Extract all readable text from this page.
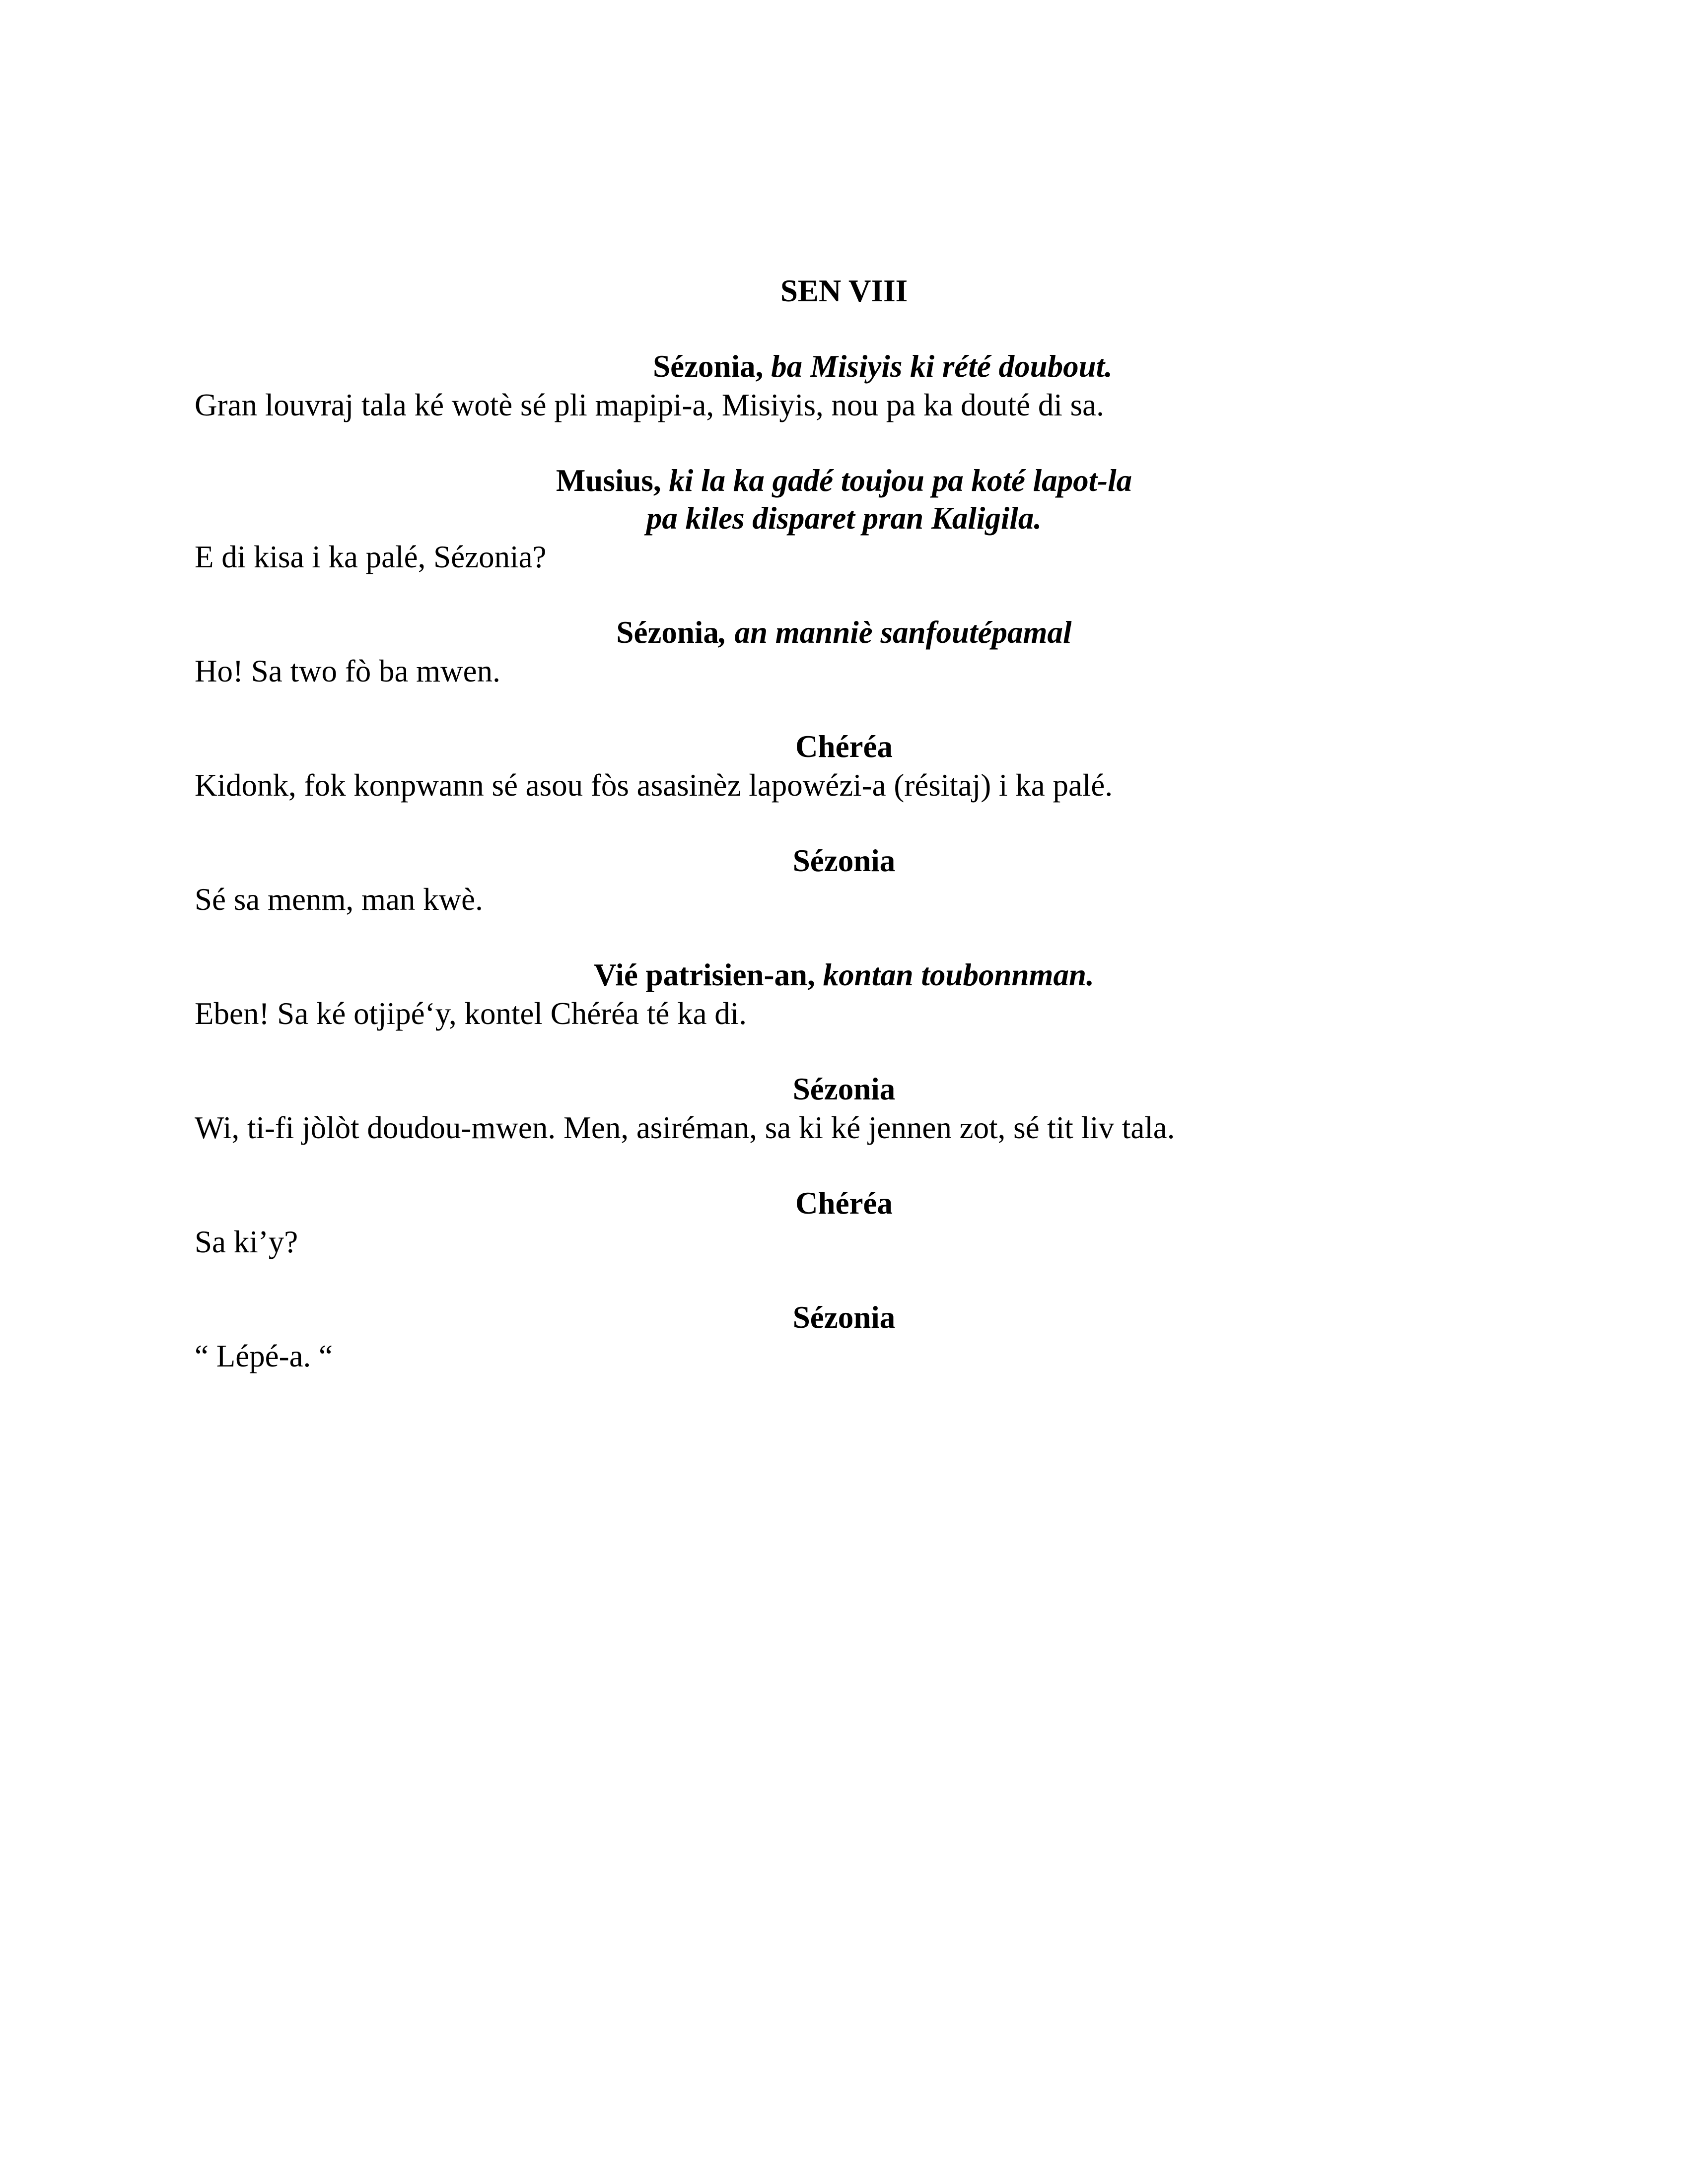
SEN VIII
Sézonia, ba Misiyis ki rété doubout.
Gran louvraj tala ké wotè sé pli mapipi-a, Misiyis, nou pa ka douté di sa.
Musius, ki la ka gadé toujou pa koté lapot-la
pa kiles disparet pran Kaligila.
E di kisa i ka palé, Sézonia?
Sézonia, an manniè sanfoutépamal
Ho! Sa two fò ba mwen.
Chéréa
Kidonk, fok konpwann sé asou fòs asasinèz lapowézi-a (résitaj) i ka palé.
Sézonia
Sé sa menm, man kwè.
Vié patrisien-an, kontan toubonnman.
Eben! Sa ké otjipé‘y, kontel Chéréa té ka di.
Sézonia
Wi, ti-fi jòlòt doudou-mwen. Men, asiréman, sa ki ké jennen zot, sé tit liv tala.
Chéréa
Sa ki’y?
Sézonia
“ Lépé-a. “
